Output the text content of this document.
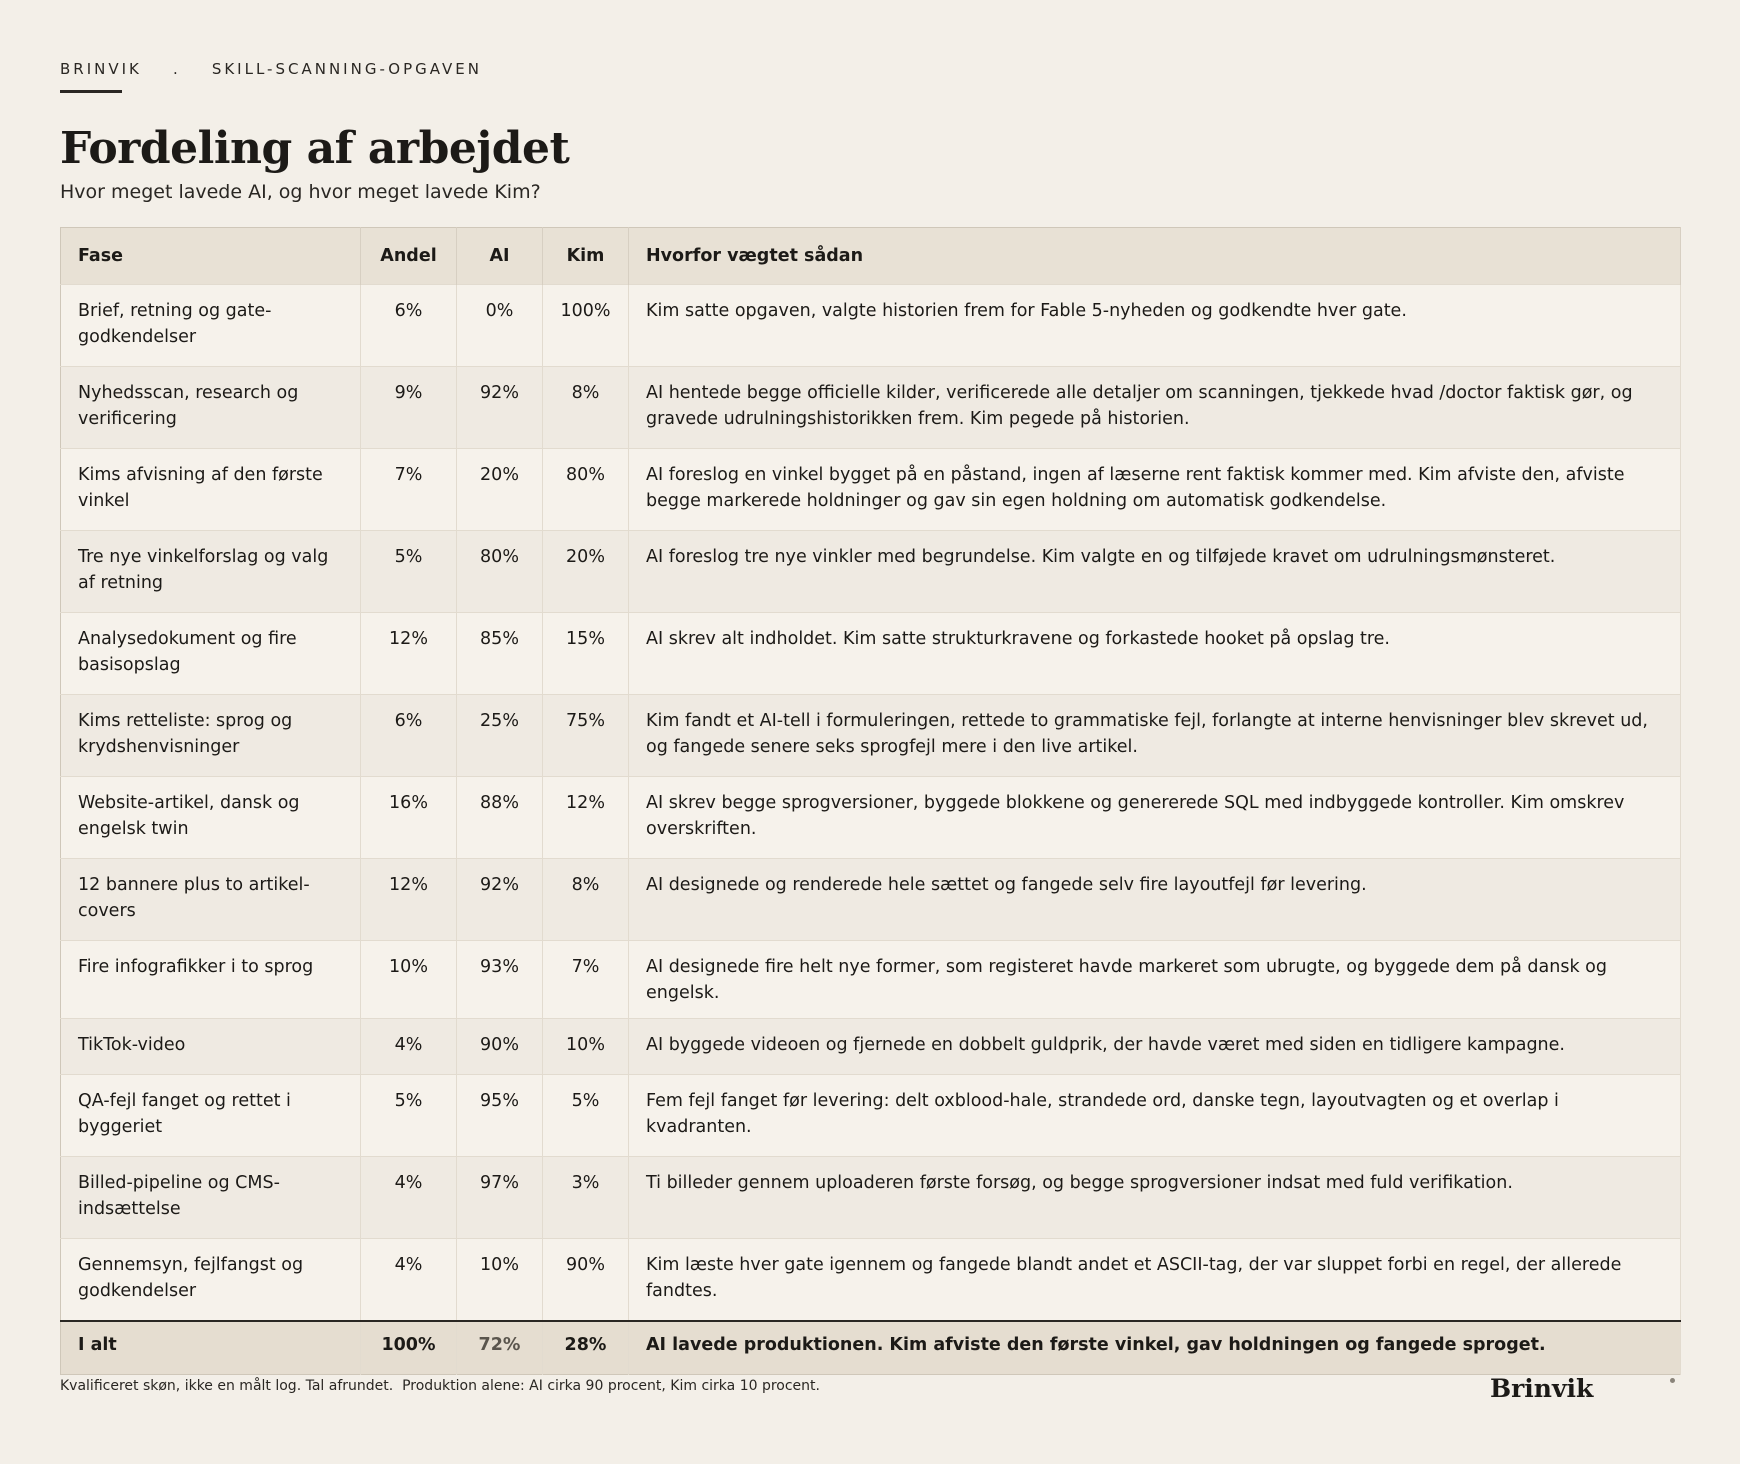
BRINVIK . SKILL-SCANNING-OPGAVEN
Fordeling af arbejdet
Hvor meget lavede AI, og hvor meget lavede Kim?
Fase	Andel	AI	Kim	Hvorfor vægtet sådan
Brief, retning og gate-godkendelser	6%	0%	100%	Kim satte opgaven, valgte historien frem for Fable 5-nyheden og godkendte hver gate.
Nyhedsscan, research og verificering	9%	92%	8%	AI hentede begge officielle kilder, verificerede alle detaljer om scanningen, tjekkede hvad /doctor faktisk gør, og gravede udrulningshistorikken frem. Kim pegede på historien.
Kims afvisning af den første vinkel	7%	20%	80%	AI foreslog en vinkel bygget på en påstand, ingen af læserne rent faktisk kommer med. Kim afviste den, afviste begge markerede holdninger og gav sin egen holdning om automatisk godkendelse.
Tre nye vinkelforslag og valg af retning	5%	80%	20%	AI foreslog tre nye vinkler med begrundelse. Kim valgte en og tilføjede kravet om udrulningsmønsteret.
Analysedokument og fire basisopslag	12%	85%	15%	AI skrev alt indholdet. Kim satte strukturkravene og forkastede hooket på opslag tre.
Kims retteliste: sprog og krydshenvisninger	6%	25%	75%	Kim fandt et AI-tell i formuleringen, rettede to grammatiske fejl, forlangte at interne henvisninger blev skrevet ud, og fangede senere seks sprogfejl mere i den live artikel.
Website-artikel, dansk og engelsk twin	16%	88%	12%	AI skrev begge sprogversioner, byggede blokkene og genererede SQL med indbyggede kontroller. Kim omskrev overskriften.
12 bannere plus to artikel-covers	12%	92%	8%	AI designede og renderede hele sættet og fangede selv fire layoutfejl før levering.
Fire infografikker i to sprog	10%	93%	7%	AI designede fire helt nye former, som registeret havde markeret som ubrugte, og byggede dem på dansk og engelsk.
TikTok-video	4%	90%	10%	AI byggede videoen og fjernede en dobbelt guldprik, der havde været med siden en tidligere kampagne.
QA-fejl fanget og rettet i byggeriet	5%	95%	5%	Fem fejl fanget før levering: delt oxblood-hale, strandede ord, danske tegn, layoutvagten og et overlap i kvadranten.
Billed-pipeline og CMS-indsættelse	4%	97%	3%	Ti billeder gennem uploaderen første forsøg, og begge sprogversioner indsat med fuld verifikation.
Gennemsyn, fejlfangst og godkendelser	4%	10%	90%	Kim læste hver gate igennem og fangede blandt andet et ASCII-tag, der var sluppet forbi en regel, der allerede fandtes.
I alt	100%	72%	28%	AI lavede produktionen. Kim afviste den første vinkel, gav holdningen og fangede sproget.
Kvalificeret skøn, ikke en målt log. Tal afrundet.  Produktion alene: AI cirka 90 procent, Kim cirka 10 procent.	Brinvik
